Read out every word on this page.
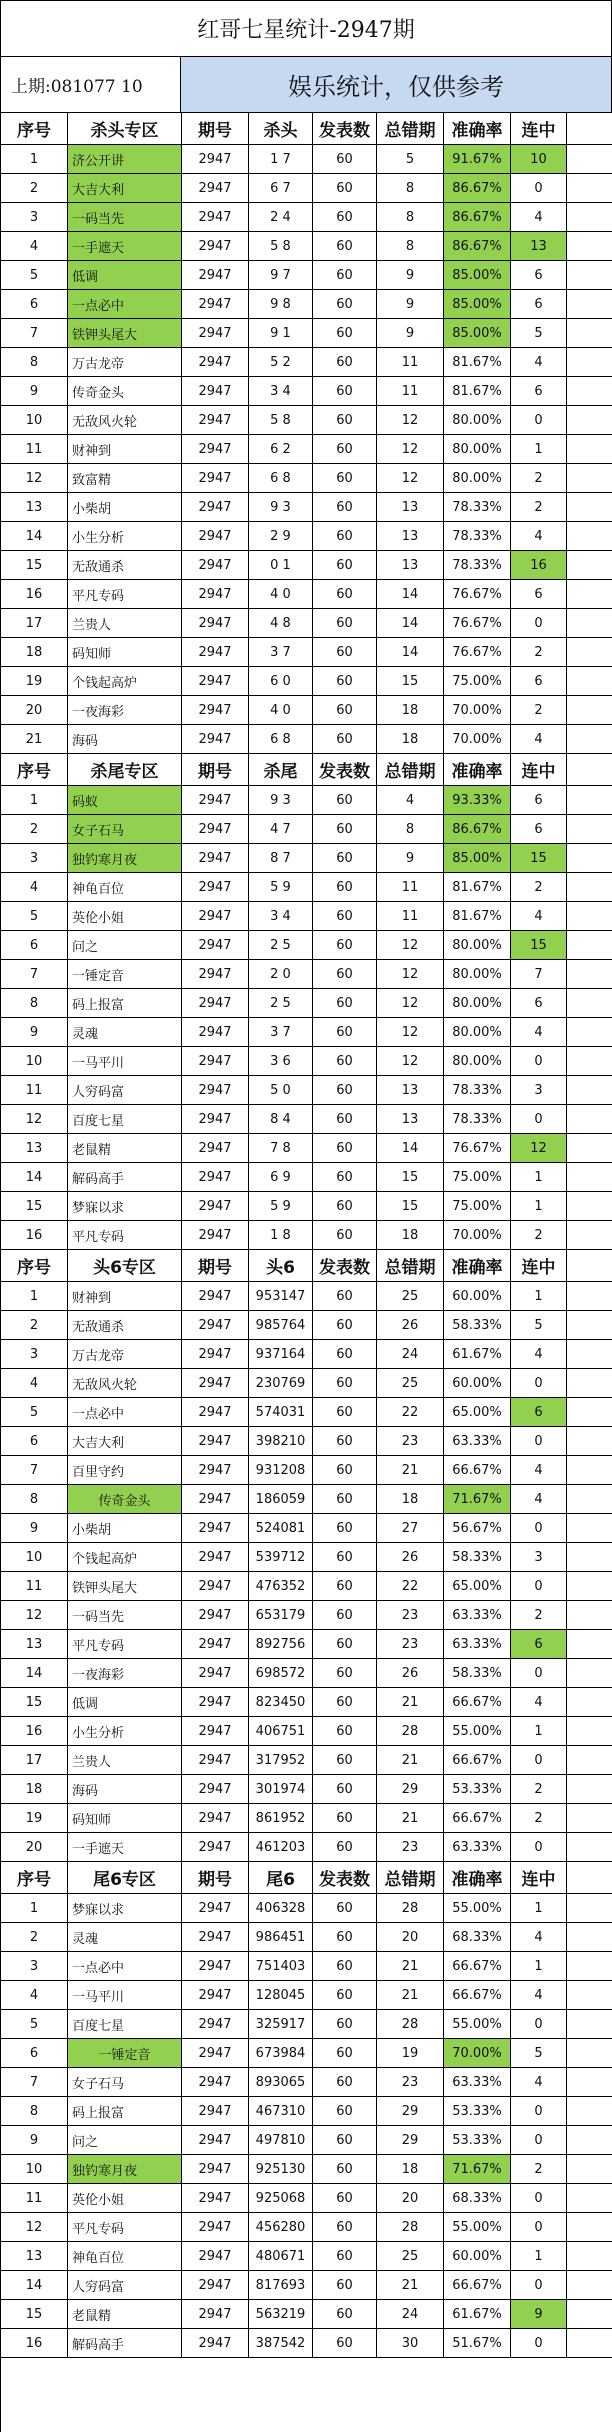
红哥七星统计-2947期
上期:081077 10	娱乐统计，仅供参考
序号	杀头专区	期号	杀头	发表数 总错期 准确率	连中
1	济公开讲	2947	1 7	60	5	91.67%	10
2	大吉大利	2947	6 7	60	8	86.67%	0
3	一码当先	2947	2 4	60	8	86.67%	4
4	一手遮天	2947	5 8	60	8	86.67%	13
5	低调	2947	9 7	60	9	85.00%	6
6	一点必中	2947	9 8	60	9	85.00%	6
7	铁钾头尾大	2947	9 1	60	9	85.00%	5
8	万古龙帝	2947	5 2	60	11	81.67%	4
9	传奇金头	2947	3 4	60	11	81.67%	6
10	无敌风火轮	2947	5 8	60	12	80.00%	0
11	财神到	2947	6 2	60	12	80.00%	1
12	致富精	2947	6 8	60	12	80.00%	2
13	小柴胡	2947	9 3	60	13	78.33%	2
14	小生分析	2947	2 9	60	13	78.33%	4
15	无敌通杀	2947	0 1	60	13	78.33%	16
16	平凡专码	2947	4 0	60	14	76.67%	6
17	兰贵人	2947	4 8	60	14	76.67%	0
18	码知师	2947	3 7	60	14	76.67%	2
19	个钱起高炉	2947	6 0	60	15	75.00%	6
20	一夜海彩	2947	4 0	60	18	70.00%	2
21	海码	2947	6 8	60	18	70.00%	4
序号	杀尾专区	期号	杀尾	发表数 总错期 准确率	连中
1	码蚁	2947	9 3	60	4	93.33%	6
2	女子石马	2947	4 7	60	8	86.67%	6
3	独钓寒月夜	2947	8 7	60	9	85.00%	15
4	神龟百位	2947	5 9	60	11	81.67%	2
5	英伦小姐	2947	3 4	60	11	81.67%	4
6	问之	2947	2 5	60	12	80.00%	15
7	一锤定音	2947	2 0	60	12	80.00%	7
8	码上报富	2947	2 5	60	12	80.00%	6
9	灵魂	2947	3 7	60	12	80.00%	4
10	一马平川	2947	3 6	60	12	80.00%	0
11	人穷码富	2947	5 0	60	13	78.33%	3
12	百度七星	2947	8 4	60	13	78.33%	0
13	老鼠精	2947	7 8	60	14	76.67%	12
14	解码高手	2947	6 9	60	15	75.00%	1
15	梦寐以求	2947	5 9	60	15	75.00%	1
16	平凡专码	2947	1 8	60	18	70.00%	2
序号	头6专区	期号	头6	发表数 总错期 准确率	连中
1	财神到	2947	953147	60	25	60.00%	1
2	无敌通杀	2947	985764	60	26	58.33%	5
3	万古龙帝	2947	937164	60	24	61.67%	4
4	无敌风火轮	2947	230769	60	25	60.00%	0
5	一点必中	2947	574031	60	22	65.00%	6
6	大吉大利	2947	398210	60	23	63.33%	0
7	百里守约	2947	931208	60	21	66.67%	4
8	传奇金头	2947	186059	60	18	71.67%	4
9	小柴胡	2947	524081	60	27	56.67%	0
10	个钱起高炉	2947	539712	60	26	58.33%	3
11	铁钾头尾大	2947	476352	60	22	65.00%	0
12	一码当先	2947	653179	60	23	63.33%	2
13	平凡专码	2947	892756	60	23	63.33%	6
14	一夜海彩	2947	698572	60	26	58.33%	0
15	低调	2947	823450	60	21	66.67%	4
16	小生分析	2947	406751	60	28	55.00%	1
17	兰贵人	2947	317952	60	21	66.67%	0
18	海码	2947	301974	60	29	53.33%	2
19	码知师	2947	861952	60	21	66.67%	2
20	一手遮天	2947	461203	60	23	63.33%	0
序号	尾6专区	期号	尾6	发表数 总错期 准确率	连中
1	梦寐以求	2947	406328	60	28	55.00%	1
2	灵魂	2947	986451	60	20	68.33%	4
3	一点必中	2947	751403	60	21	66.67%	1
4	一马平川	2947	128045	60	21	66.67%	4
5	百度七星	2947	325917	60	28	55.00%	0
6	一锤定音	2947	673984	60	19	70.00%	5
7	女子石马	2947	893065	60	23	63.33%	4
8	码上报富	2947	467310	60	29	53.33%	0
9	问之	2947	497810	60	29	53.33%	0
10	独钓寒月夜	2947	925130	60	18	71.67%	2
11	英伦小姐	2947	925068	60	20	68.33%	0
12	平凡专码	2947	456280	60	28	55.00%	0
13	神龟百位	2947	480671	60	25	60.00%	1
14	人穷码富	2947	817693	60	21	66.67%	0
15	老鼠精	2947	563219	60	24	61.67%	9
16	解码高手	2947	387542	60	30	51.67%	0
